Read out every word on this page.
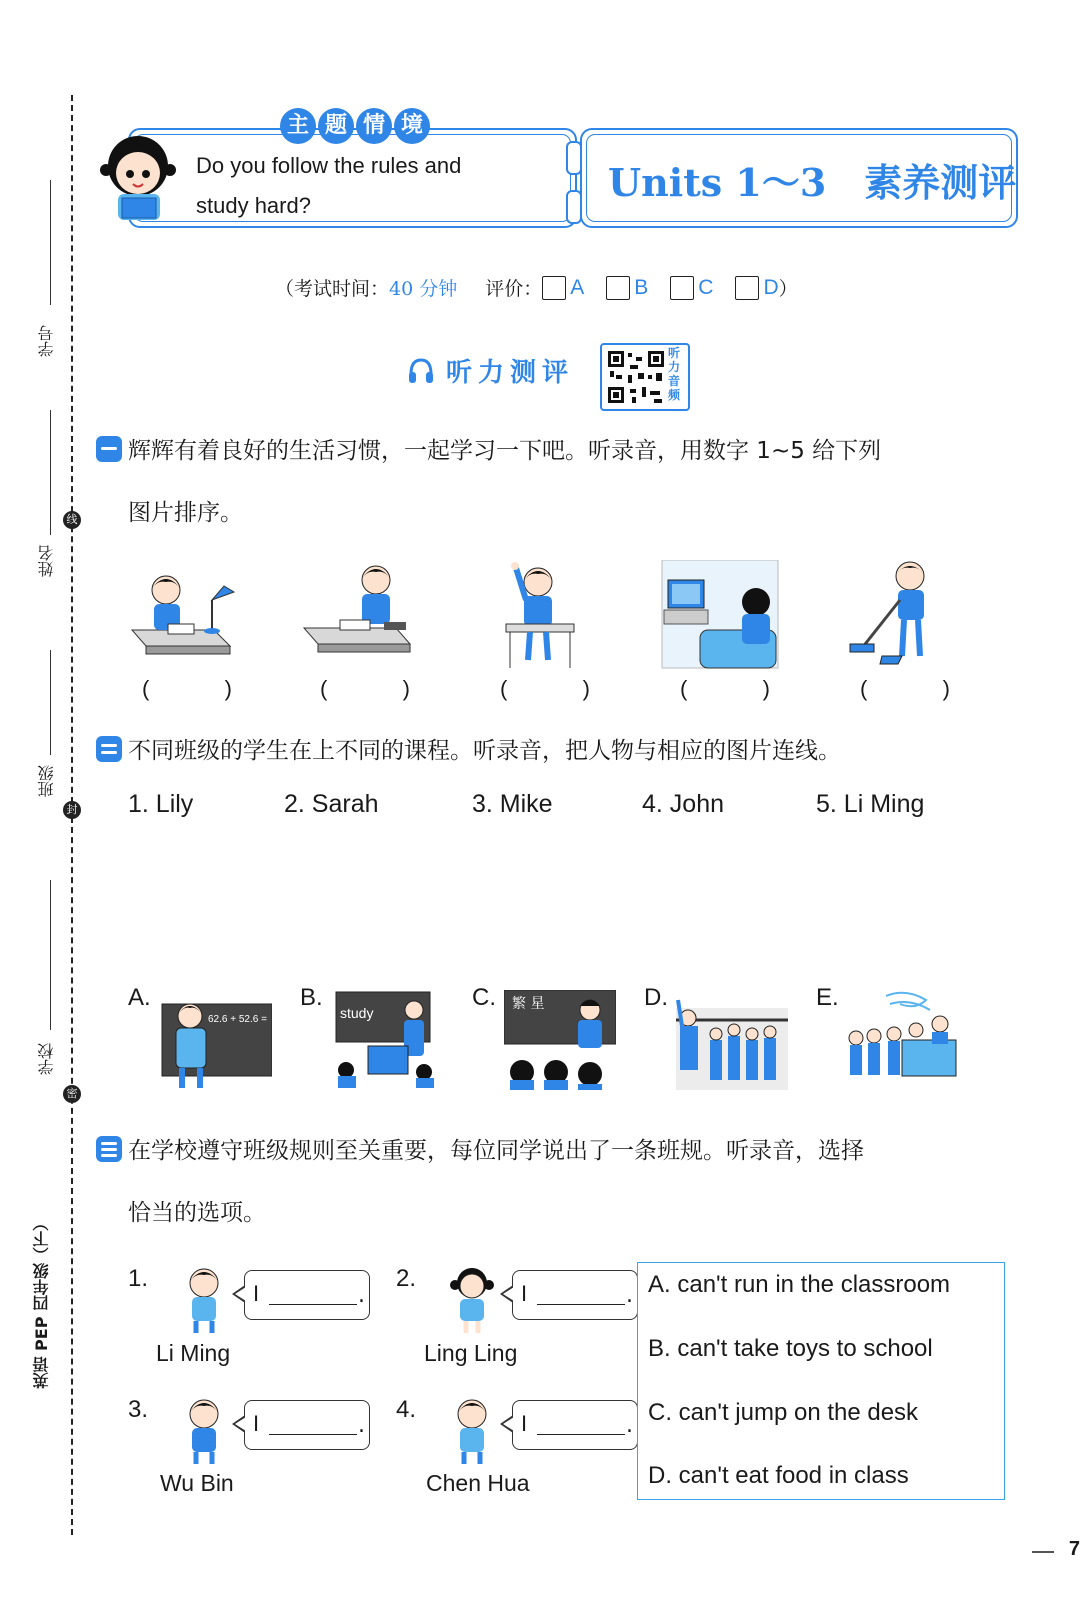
学号
姓名
班级
学校
线
封
密
英语 PEP 四年级（下）
主 题 情 境
Do you follow the rules and
study hard?
Units 1～3　素养测评
（考试时间： 40 分钟 评价： A B C D ）
听力测评
听力音频
辉辉有着良好的生活习惯，一起学习一下吧。听录音，用数字 1~5 给下列
图片排序。
(	)	(	)	(	)	(	)	(	)
不同班级的学生在上不同的课程。听录音，把人物与相应的图片连线。
1. Lily	2. Sarah	3. Mike	4. John	5. Li Ming
A.
62.6 + 52.6 =
B.
study
C. 繁 星	D.	E.
在学校遵守班级规则至关重要，每位同学说出了一条班规。听录音，选择
恰当的选项。
1.
I	.
Li Ming
2.
I	.
Ling Ling
3.
I	.
Wu Bin
4.
I	.
Chen Hua
A. can't run in the classroom
B. can't take toys to school
C. can't jump on the desk
D. can't eat food in class
7
